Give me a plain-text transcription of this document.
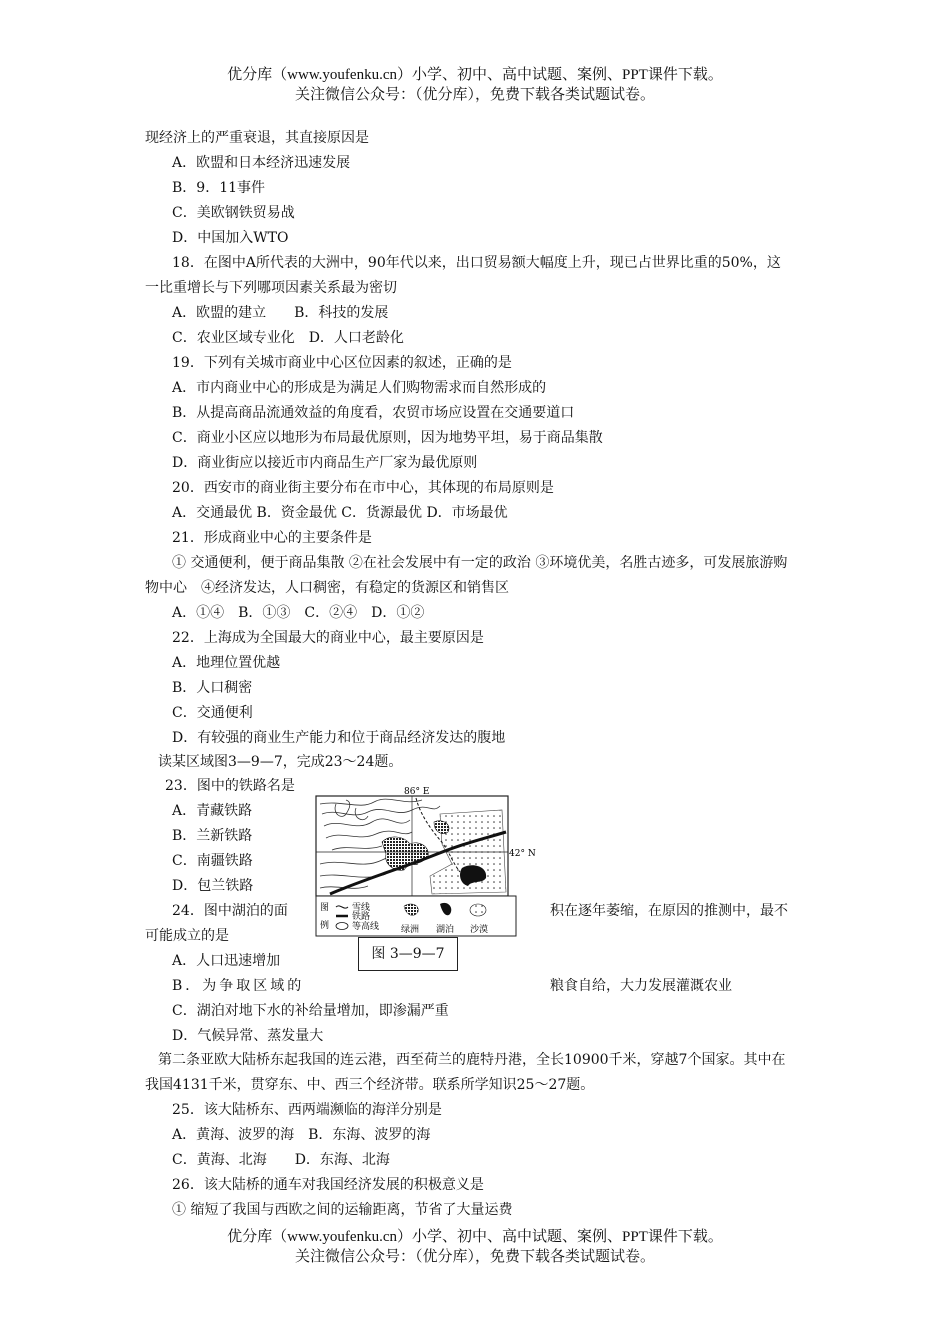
优分库（www.youfenku.cn）小学、初中、高中试题、案例、PPT课件下载。
关注微信公众号：（优分库），免费下载各类试题试卷。
现经济上的严重衰退，其直接原因是
A．欧盟和日本经济迅速发展
B．9．11事件
C．美欧钢铁贸易战
D．中国加入WTO
18．在图中A所代表的大洲中，90年代以来，出口贸易额大幅度上升，现已占世界比重的50%，这
一比重增长与下列哪项因素关系最为密切
A．欧盟的建立　　B．科技的发展
C．农业区域专业化　D．人口老龄化
19．下列有关城市商业中心区位因素的叙述，正确的是
A．市内商业中心的形成是为满足人们购物需求而自然形成的
B．从提高商品流通效益的角度看，农贸市场应设置在交通要道口
C．商业小区应以地形为布局最优原则，因为地势平坦，易于商品集散
D．商业街应以接近市内商品生产厂家为最优原则
20．西安市的商业街主要分布在市中心，其体现的布局原则是
A．交通最优 B．资金最优 C．货源最优 D．市场最优
21．形成商业中心的主要条件是
① 交通便利，便于商品集散 ②在社会发展中有一定的政治 ③环境优美，名胜古迹多，可发展旅游购
物中心　④经济发达，人口稠密，有稳定的货源区和销售区
A．①④　B．①③　C．②④　D．①②
22．上海成为全国最大的商业中心，最主要原因是
A．地理位置优越
B．人口稠密
C．交通便利
D．有较强的商业生产能力和位于商品经济发达的腹地
读某区域图3—9—7，完成23～24题。
23．图中的铁路名是
A．青藏铁路
B．兰新铁路
C．南疆铁路
D．包兰铁路
24．图中湖泊的面	积在逐年萎缩，在原因的推测中，最不
可能成立的是
A．人口迅速增加
B．为争取区域的	粮食自给，大力发展灌溉农业
C．湖泊对地下水的补给量增加，即渗漏严重
D．气候异常、蒸发量大
第二条亚欧大陆桥东起我国的连云港，西至荷兰的鹿特丹港，全长10900千米，穿越7个国家。其中在
我国4131千米，贯穿东、中、西三个经济带。联系所学知识25～27题。
25．该大陆桥东、西两端濒临的海洋分别是
A．黄海、波罗的海　B．东海、波罗的海
C．黄海、北海　　D．东海、北海
26．该大陆桥的通车对我国经济发展的积极意义是
① 缩短了我国与西欧之间的运输距离，节省了大量运费
86° E
42° N
图
例
雪线
铁路
等高线 绿洲 湖泊 沙漠
图 3—9—7
优分库（www.youfenku.cn）小学、初中、高中试题、案例、PPT课件下载。
关注微信公众号：（优分库），免费下载各类试题试卷。
